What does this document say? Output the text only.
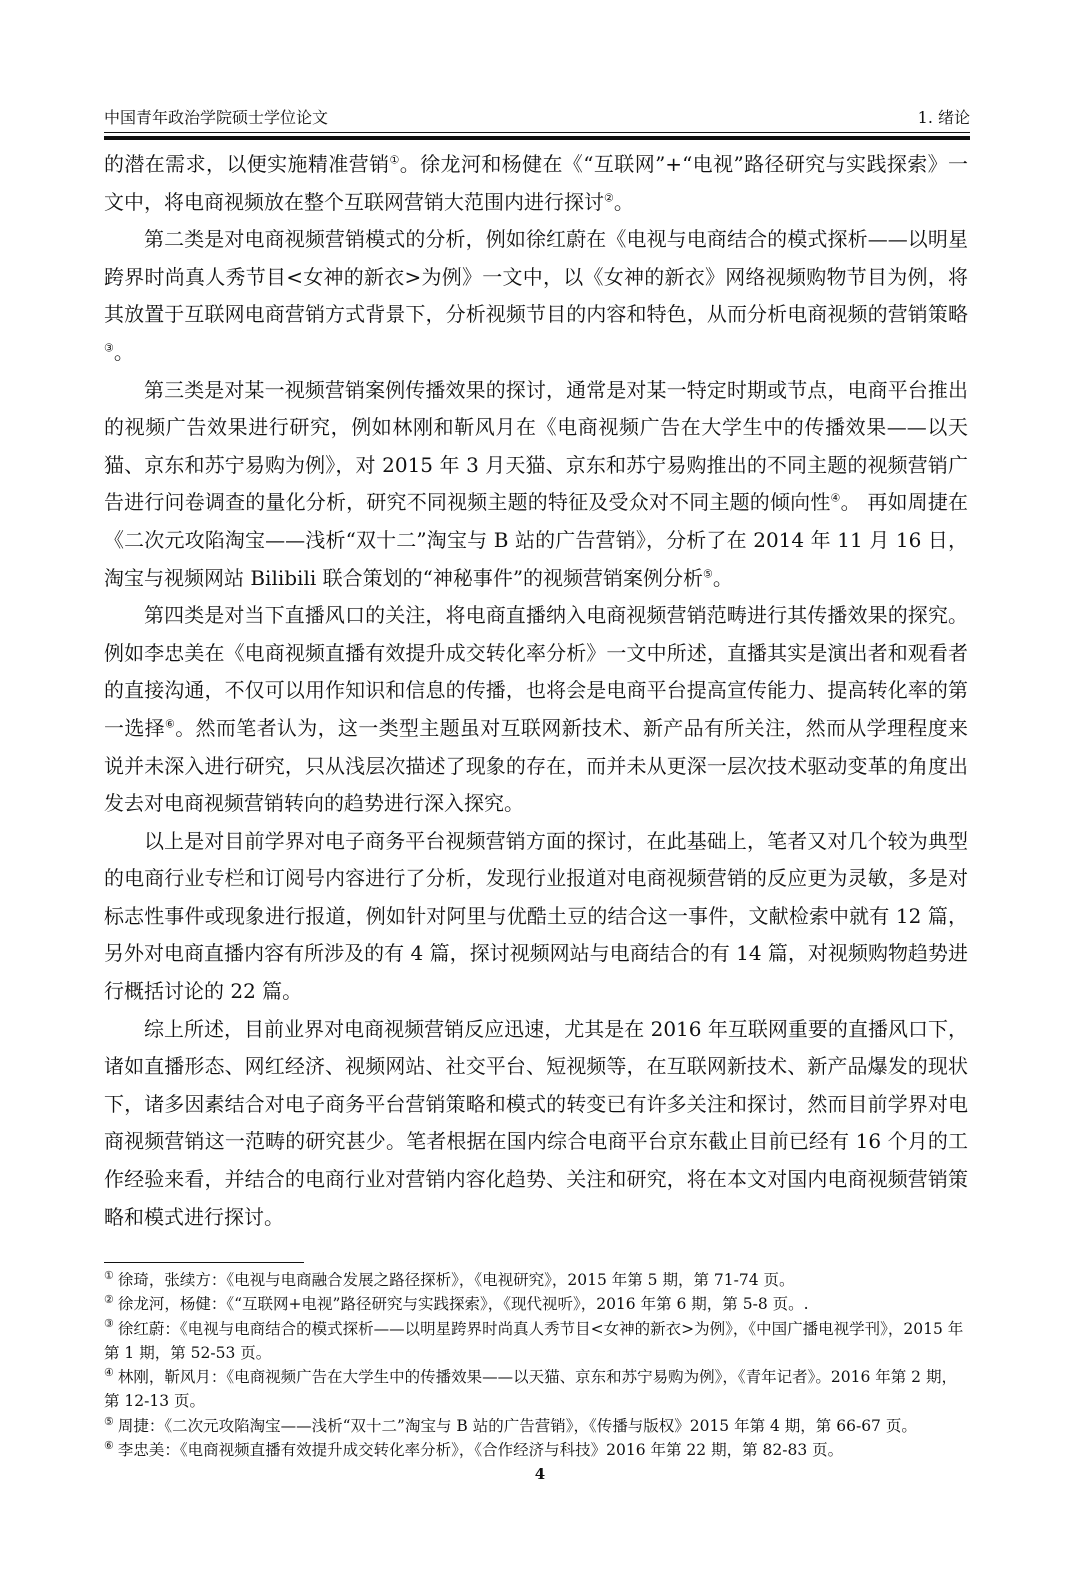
中国青年政治学院硕士学位论文	1. 绪论

的潜在需求，以便实施精准营销①。徐龙河和杨健在《“互联网”+“电视”路径研究与实践探索》一文中，将电商视频放在整个互联网营销大范围内进行探讨②。

第二类是对电商视频营销模式的分析，例如徐红蔚在《电视与电商结合的模式探析——以明星跨界时尚真人秀节目<女神的新衣>为例》一文中，以《女神的新衣》网络视频购物节目为例，将其放置于互联网电商营销方式背景下，分析视频节目的内容和特色，从而分析电商视频的营销策略③。

第三类是对某一视频营销案例传播效果的探讨，通常是对某一特定时期或节点，电商平台推出的视频广告效果进行研究，例如林刚和靳风月在《电商视频广告在大学生中的传播效果——以天猫、京东和苏宁易购为例》，对 2015 年 3 月天猫、京东和苏宁易购推出的不同主题的视频营销广告进行问卷调查的量化分析，研究不同视频主题的特征及受众对不同主题的倾向性④。 再如周捷在《二次元攻陷淘宝——浅析“双十二”淘宝与 B 站的广告营销》，分析了在 2014 年 11 月 16 日，淘宝与视频网站 Bilibili 联合策划的“神秘事件”的视频营销案例分析⑤。

第四类是对当下直播风口的关注，将电商直播纳入电商视频营销范畴进行其传播效果的探究。例如李忠美在《电商视频直播有效提升成交转化率分析》一文中所述，直播其实是演出者和观看者的直接沟通，不仅可以用作知识和信息的传播，也将会是电商平台提高宣传能力、提高转化率的第一选择⑥。然而笔者认为，这一类型主题虽对互联网新技术、新产品有所关注，然而从学理程度来说并未深入进行研究，只从浅层次描述了现象的存在，而并未从更深一层次技术驱动变革的角度出发去对电商视频营销转向的趋势进行深入探究。

以上是对目前学界对电子商务平台视频营销方面的探讨，在此基础上，笔者又对几个较为典型的电商行业专栏和订阅号内容进行了分析，发现行业报道对电商视频营销的反应更为灵敏，多是对标志性事件或现象进行报道，例如针对阿里与优酷土豆的结合这一事件，文献检索中就有 12 篇，另外对电商直播内容有所涉及的有 4 篇，探讨视频网站与电商结合的有 14 篇，对视频购物趋势进行概括讨论的 22 篇。

综上所述，目前业界对电商视频营销反应迅速，尤其是在 2016 年互联网重要的直播风口下，诸如直播形态、网红经济、视频网站、社交平台、短视频等，在互联网新技术、新产品爆发的现状下，诸多因素结合对电子商务平台营销策略和模式的转变已有许多关注和探讨，然而目前学界对电商视频营销这一范畴的研究甚少。笔者根据在国内综合电商平台京东截止目前已经有 16 个月的工作经验来看，并结合的电商行业对营销内容化趋势、关注和研究，将在本文对国内电商视频营销策略和模式进行探讨。

① 徐琦，张续方：《电视与电商融合发展之路径探析》，《电视研究》，2015 年第 5 期，第 71-74 页。

② 徐龙河，杨健：《“互联网+电视”路径研究与实践探索》，《现代视听》，2016 年第 6 期，第 5-8 页。.

③ 徐红蔚：《电视与电商结合的模式探析——以明星跨界时尚真人秀节目<女神的新衣>为例》，《中国广播电视学刊》，2015 年第 1 期，第 52-53 页。

④ 林刚，靳风月：《电商视频广告在大学生中的传播效果——以天猫、京东和苏宁易购为例》，《青年记者》。2016 年第 2 期，第 12-13 页。

⑤ 周捷：《二次元攻陷淘宝——浅析“双十二”淘宝与 B 站的广告营销》，《传播与版权》2015 年第 4 期，第 66-67 页。

⑥ 李忠美：《电商视频直播有效提升成交转化率分析》，《合作经济与科技》2016 年第 22 期，第 82-83 页。

4
